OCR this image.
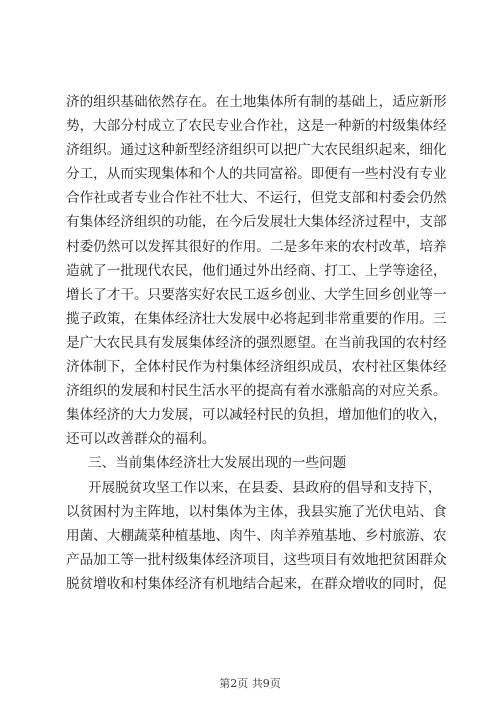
济的组织基础依然存在。在土地集体所有制的基础上，适应新形
势，大部分村成立了农民专业合作社，这是一种新的村级集体经
济组织。通过这种新型经济组织可以把广大农民组织起来，细化
分工，从而实现集体和个人的共同富裕。即便有一些村没有专业
合作社或者专业合作社不壮大、不运行，但党支部和村委会仍然
有集体经济组织的功能，在今后发展壮大集体经济过程中，支部
村委仍然可以发挥其很好的作用。二是多年来的农村改革，培养
造就了一批现代农民，他们通过外出经商、打工、上学等途径，
增长了才干。只要落实好农民工返乡创业、大学生回乡创业等一
揽子政策，在集体经济壮大发展中必将起到非常重要的作用。三
是广大农民具有发展集体经济的强烈愿望。在当前我国的农村经
济体制下，全体村民作为村集体经济组织成员，农村社区集体经
济组织的发展和村民生活水平的提高有着水涨船高的对应关系。
集体经济的大力发展，可以减轻村民的负担，增加他们的收入，
还可以改善群众的福利。
三、当前集体经济壮大发展出现的一些问题
开展脱贫攻坚工作以来，在县委、县政府的倡导和支持下，
以贫困村为主阵地，以村集体为主体，我县实施了光伏电站、食
用菌、大棚蔬菜种植基地、肉牛、肉羊养殖基地、乡村旅游、农
产品加工等一批村级集体经济项目，这些项目有效地把贫困群众
脱贫增收和村集体经济有机地结合起来，在群众增收的同时，促
第2页 共9页
